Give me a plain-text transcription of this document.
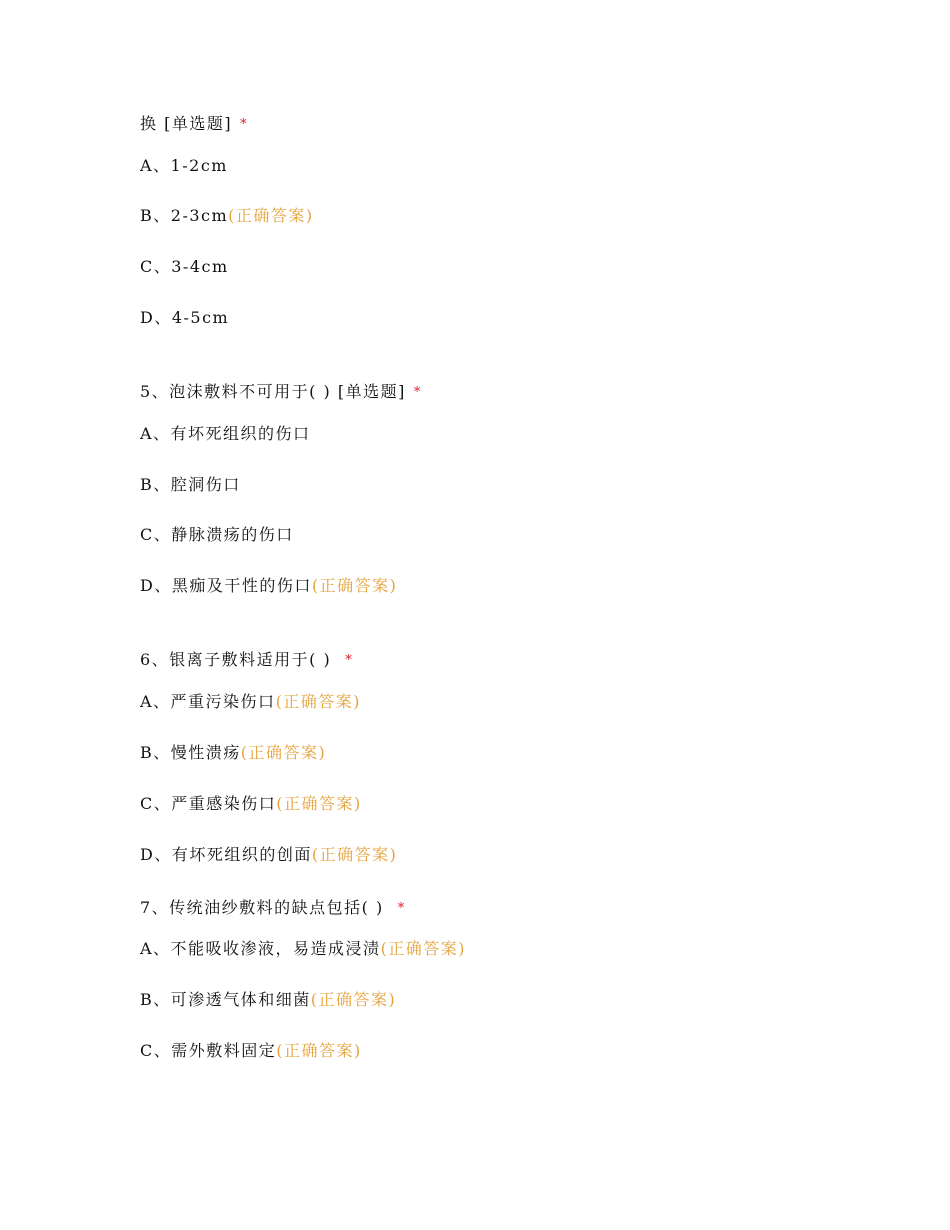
换 [单选题] *
A、1-2cm
B、2-3cm(正确答案)
C、3-4cm
D、4-5cm
5、泡沫敷料不可用于( ) [单选题] *
A、有坏死组织的伤口
B、腔洞伤口
C、静脉溃疡的伤口
D、黑痂及干性的伤口(正确答案)
6、银离子敷料适用于( ) *
A、严重污染伤口(正确答案)
B、慢性溃疡(正确答案)
C、严重感染伤口(正确答案)
D、有坏死组织的创面(正确答案)
7、传统油纱敷料的缺点包括( ) *
A、不能吸收渗液，易造成浸渍(正确答案)
B、可渗透气体和细菌(正确答案)
C、需外敷料固定(正确答案)
